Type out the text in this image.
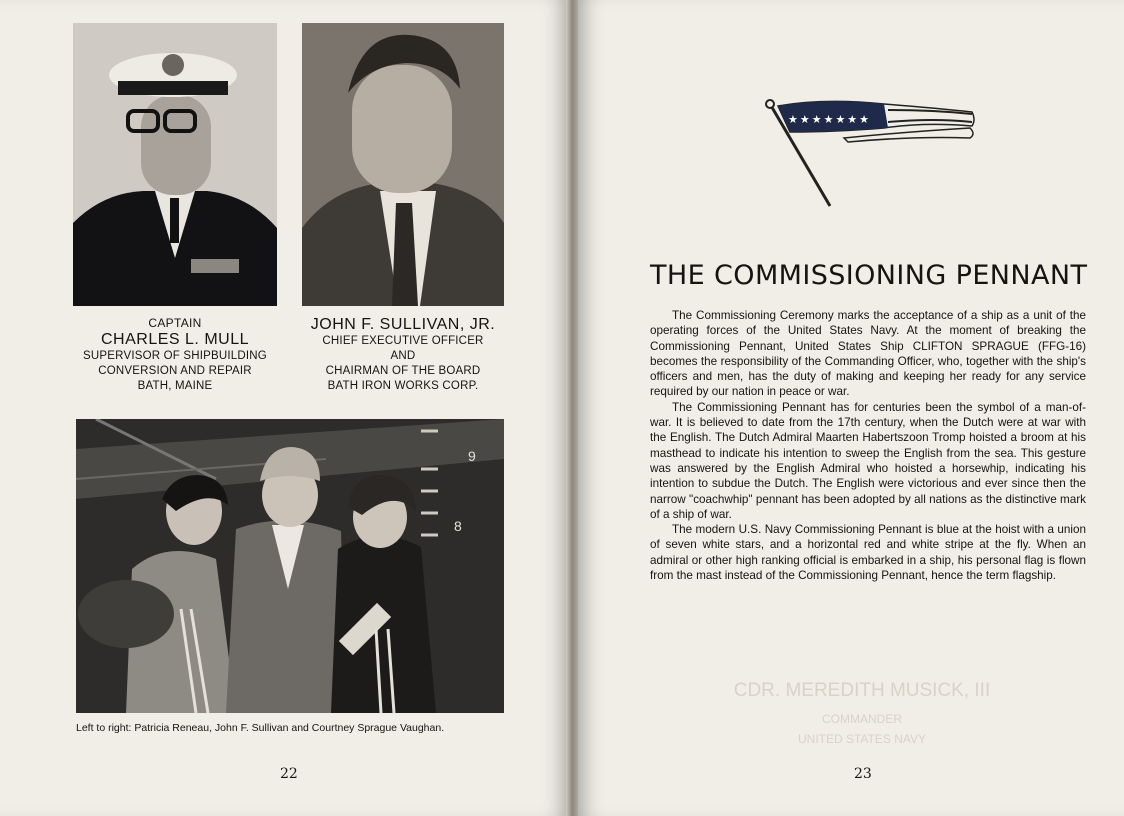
CAPTAIN
CHARLES L. MULL
SUPERVISOR OF SHIPBUILDING
CONVERSION AND REPAIR
BATH, MAINE
JOHN F. SULLIVAN, JR.
CHIEF EXECUTIVE OFFICER
AND
CHAIRMAN OF THE BOARD
BATH IRON WORKS CORP.
9
8
Left to right: Patricia Reneau, John F. Sullivan and Courtney Sprague Vaughan.
22
CDR. MEREDITH MUSICK, III
COMMANDER
UNITED STATES NAVY
★★★★★★★
THE COMMISSIONING PENNANT

The Commissioning Ceremony marks the acceptance of a ship as a unit of the operating forces of the United States Navy. At the moment of breaking the Commissioning Pennant, United States Ship CLIFTON SPRAGUE (FFG-16) becomes the responsibility of the Commanding Officer, who, together with the ship's officers and men, has the duty of making and keeping her ready for any service required by our nation in peace or war.

The Commissioning Pennant has for centuries been the symbol of a man-of-war. It is believed to date from the 17th century, when the Dutch were at war with the English. The Dutch Admiral Maarten Habertszoon Tromp hoisted a broom at his masthead to indicate his intention to sweep the English from the sea. This gesture was answered by the English Admiral who hoisted a horsewhip, indicating his intention to subdue the Dutch. The English were victorious and ever since then the narrow "coachwhip" pennant has been adopted by all nations as the distinctive mark of a ship of war.

The modern U.S. Navy Commissioning Pennant is blue at the hoist with a union of seven white stars, and a horizontal red and white stripe at the fly. When an admiral or other high ranking official is embarked in a ship, his personal flag is flown from the mast instead of the Commissioning Pennant, hence the term flagship.

23
